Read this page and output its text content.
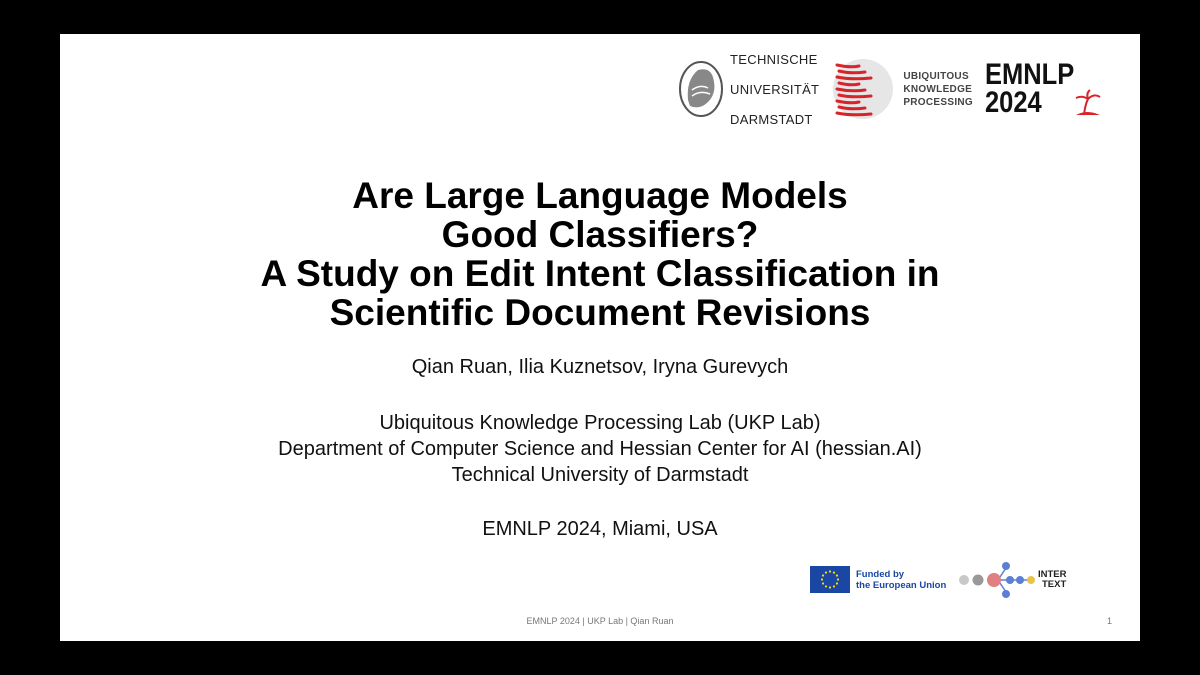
TECHNISCHE

UNIVERSITÄT

DARMSTADT

UBIQUITOUS
KNOWLEDGE
PROCESSING
EMNLP
2024
Are Large Language Models
Good Classifiers?
A Study on Edit Intent Classification in
Scientific Document Revisions
Qian Ruan, Ilia Kuznetsov, Iryna Gurevych
Ubiquitous Knowledge Processing Lab (UKP Lab)
Department of Computer Science and Hessian Center for AI (hessian.AI)
Technical University of Darmstadt
EMNLP 2024, Miami, USA
Funded by
the European Union
INTER
TEXT
EMNLP 2024 | UKP Lab | Qian Ruan	1
